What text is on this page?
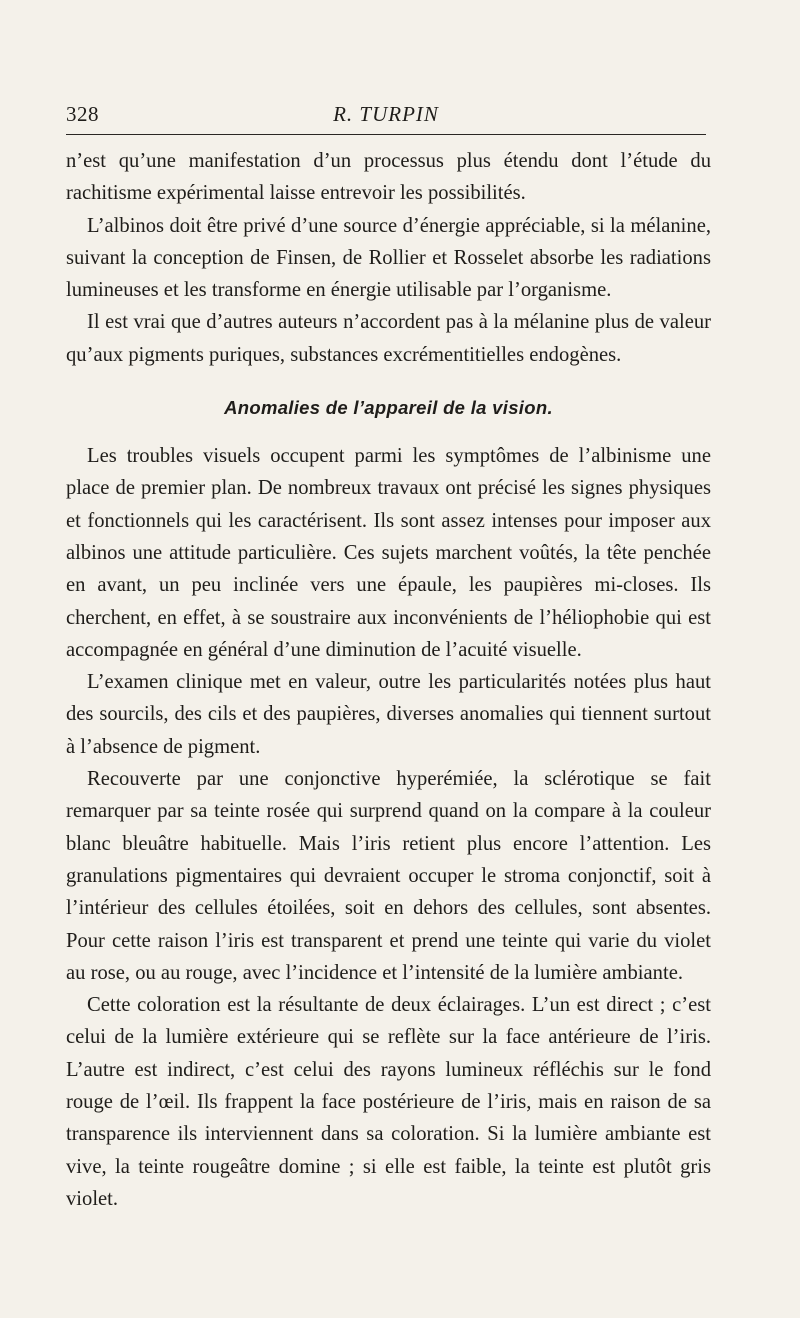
328	R. TURPIN

n’est qu’une manifestation d’un processus plus étendu dont l’étude du rachitisme expérimental laisse entrevoir les possibilités.

L’albinos doit être privé d’une source d’énergie appréciable, si la mélanine, suivant la conception de Finsen, de Rollier et Rosselet absorbe les radiations lumineuses et les transforme en énergie utilisable par l’organisme.

Il est vrai que d’autres auteurs n’accordent pas à la mélanine plus de valeur qu’aux pigments puriques, substances excrémentitielles endogènes.

Anomalies de l’appareil de la vision.

Les troubles visuels occupent parmi les symptômes de l’albinisme une place de premier plan. De nombreux travaux ont précisé les signes physiques et fonctionnels qui les caractérisent. Ils sont assez intenses pour imposer aux albinos une attitude particulière. Ces sujets marchent voûtés, la tête penchée en avant, un peu inclinée vers une épaule, les paupières mi-closes. Ils cherchent, en effet, à se soustraire aux inconvénients de l’héliophobie qui est accompagnée en général d’une diminution de l’acuité visuelle.

L’examen clinique met en valeur, outre les particularités notées plus haut des sourcils, des cils et des paupières, diverses anomalies qui tiennent surtout à l’absence de pigment.

Recouverte par une conjonctive hyperémiée, la sclérotique se fait remarquer par sa teinte rosée qui surprend quand on la compare à la couleur blanc bleuâtre habituelle. Mais l’iris retient plus encore l’attention. Les granulations pigmentaires qui devraient occuper le stroma conjonctif, soit à l’intérieur des cellules étoilées, soit en dehors des cellules, sont absentes. Pour cette raison l’iris est transparent et prend une teinte qui varie du violet au rose, ou au rouge, avec l’incidence et l’intensité de la lumière ambiante.

Cette coloration est la résultante de deux éclairages. L’un est direct ; c’est celui de la lumière extérieure qui se reflète sur la face antérieure de l’iris. L’autre est indirect, c’est celui des rayons lumineux réfléchis sur le fond rouge de l’œil. Ils frappent la face postérieure de l’iris, mais en raison de sa transparence ils interviennent dans sa coloration. Si la lumière ambiante est vive, la teinte rougeâtre domine ; si elle est faible, la teinte est plutôt gris violet.
